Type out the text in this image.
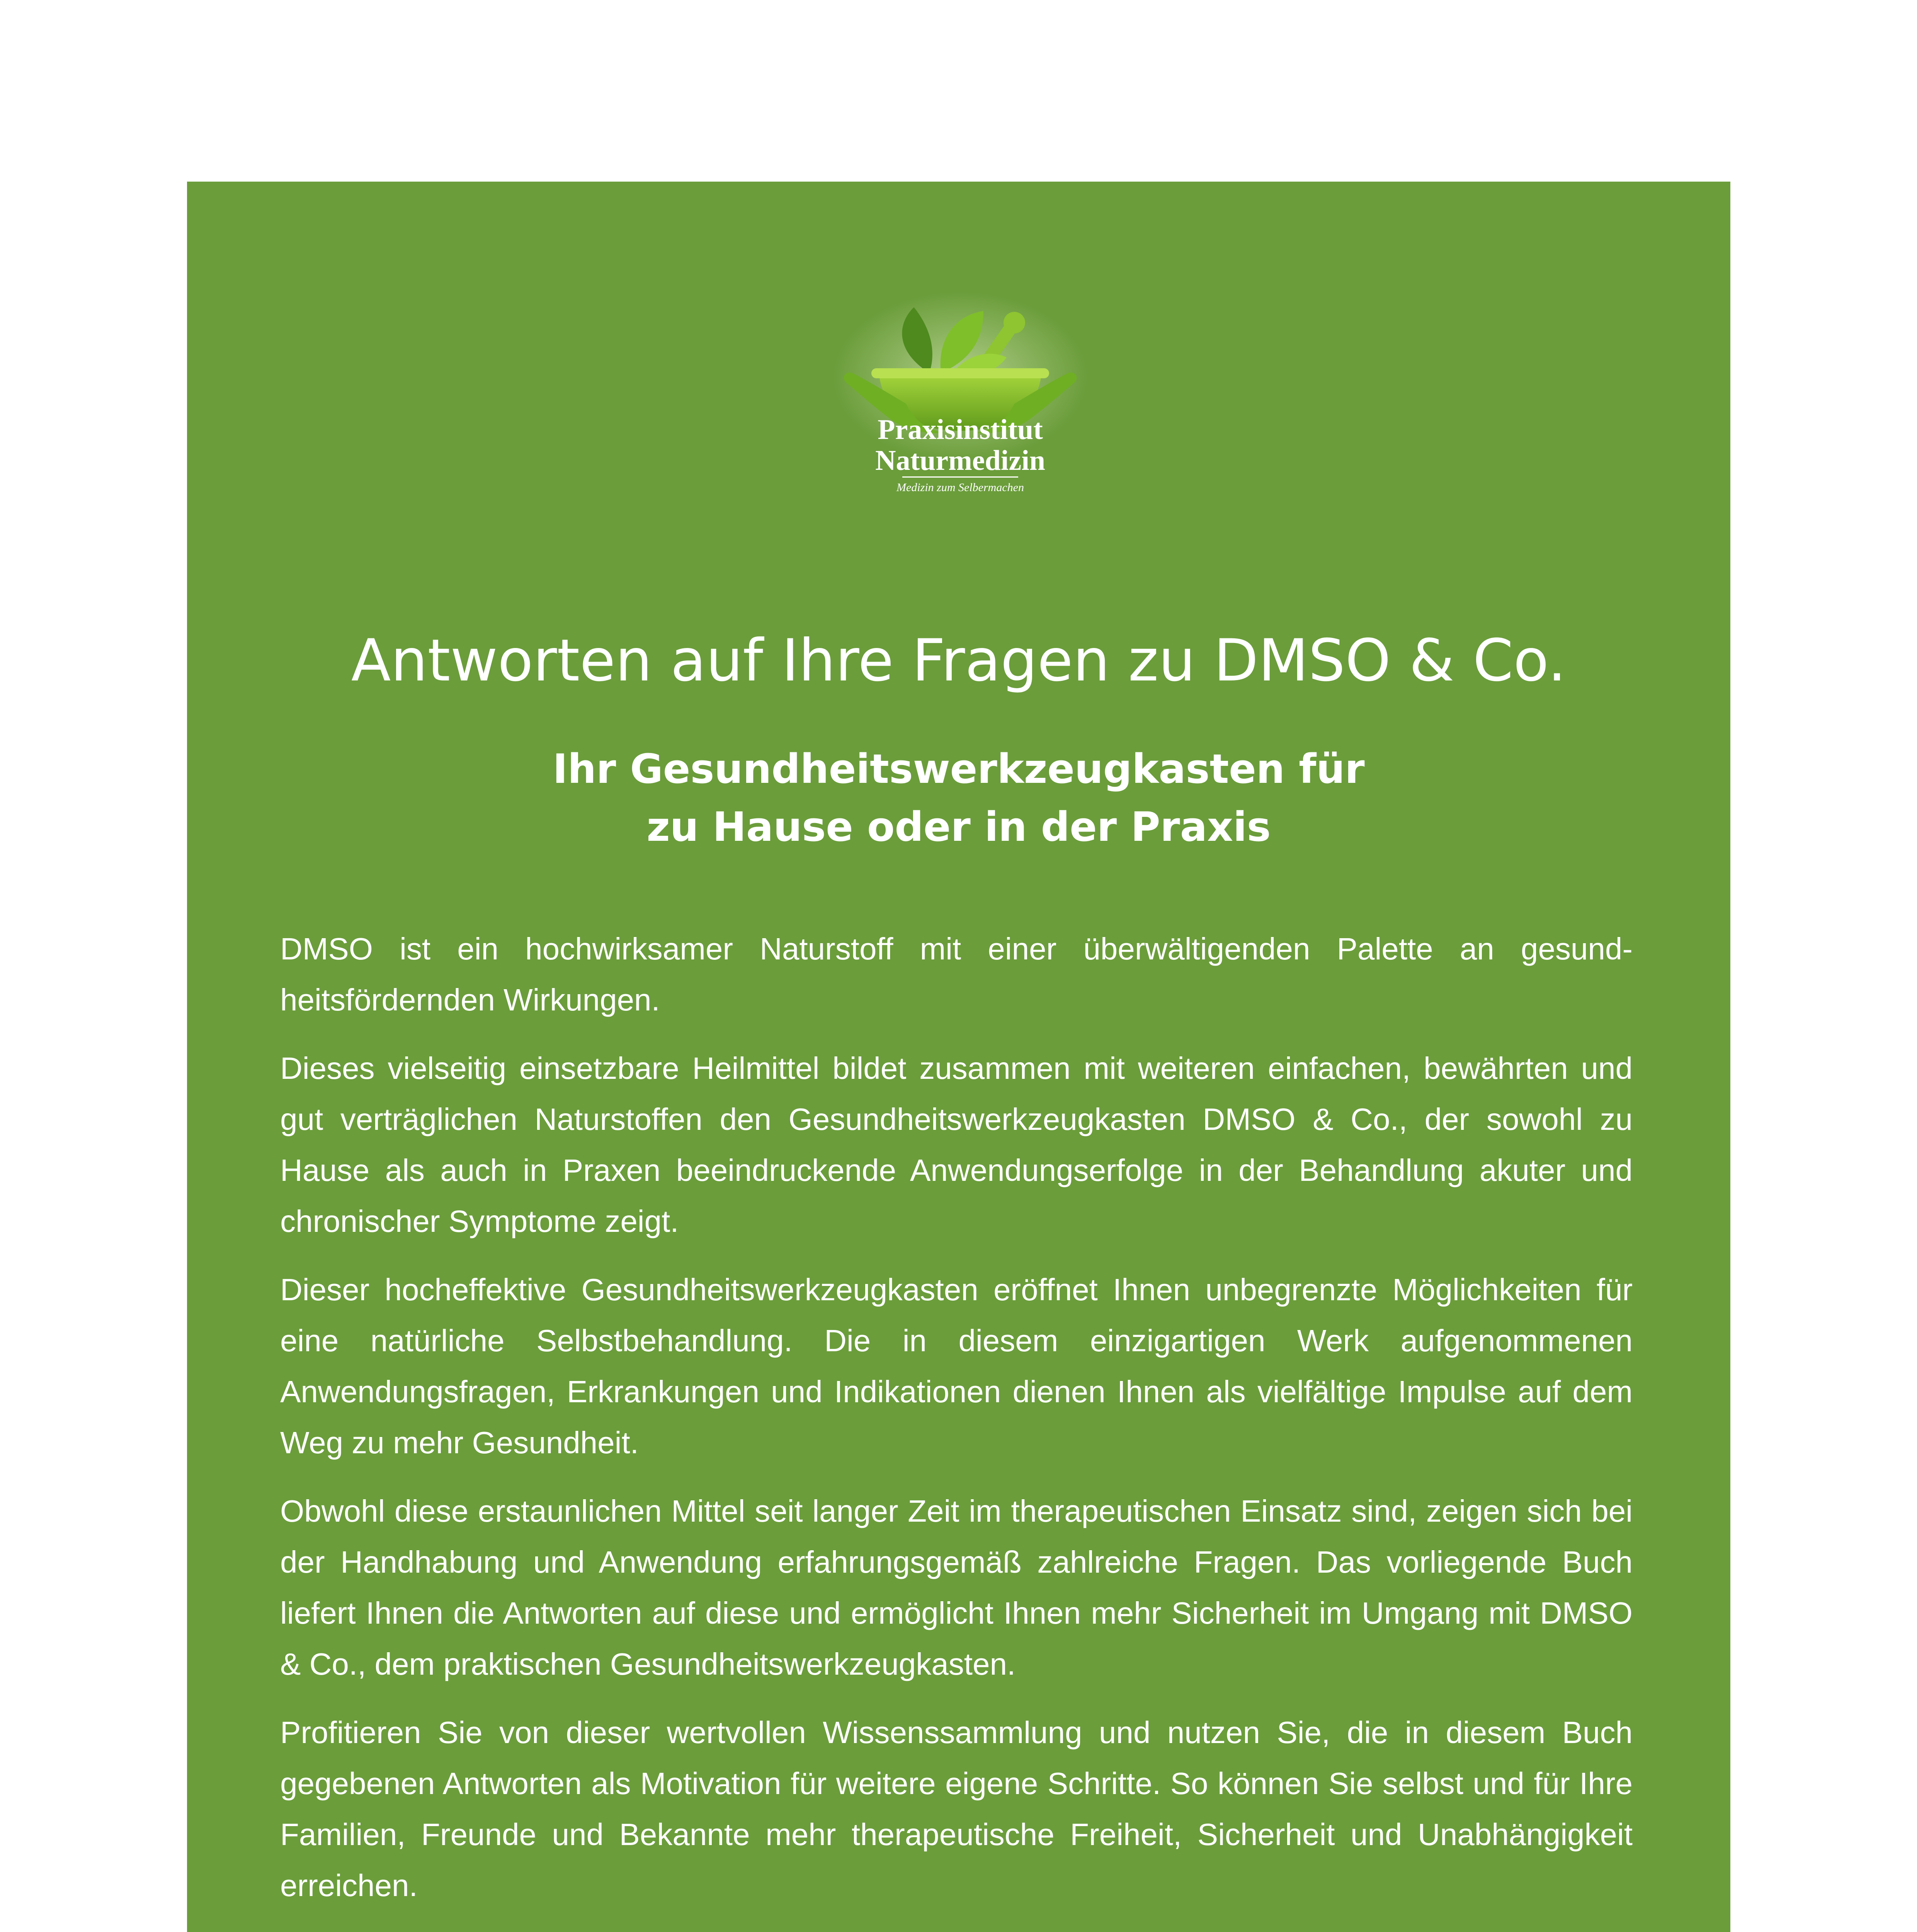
Praxisinstitut
Naturmedizin
Medizin zum Selbermachen
Antworten auf Ihre Fragen zu DMSO & Co.
Ihr Gesundheitswerkzeugkasten für
zu Hause oder in der Praxis

DMSO ist ein hochwirksamer Naturstoff mit einer überwältigenden Palette an gesundheitsfördernden Wirkungen.

Dieses vielseitig einsetzbare Heilmittel bildet zusammen mit weiteren einfachen, bewährten und gut verträglichen Naturstoffen den Gesundheitswerkzeugkasten DMSO & Co., der sowohl zu Hause als auch in Praxen beeindruckende Anwendungserfolge in der Behandlung akuter und chronischer Symptome zeigt.

Dieser hocheffektive Gesundheitswerkzeugkasten eröffnet Ihnen unbegrenzte Möglichkeiten für eine natürliche Selbstbehandlung. Die in diesem einzigartigen Werk aufgenommenen Anwendungsfragen, Erkrankungen und Indikationen dienen Ihnen als vielfältige Impulse auf dem Weg zu mehr Gesundheit.

Obwohl diese erstaunlichen Mittel seit langer Zeit im therapeutischen Einsatz sind, zeigen sich bei der Handhabung und Anwendung erfahrungsgemäß zahlreiche Fragen. Das vorliegende Buch liefert Ihnen die Antworten auf diese und ermöglicht Ihnen mehr Sicherheit im Umgang mit DMSO & Co., dem praktischen Gesundheitswerkzeugkasten.

Profitieren Sie von dieser wertvollen Wissenssammlung und nutzen Sie, die in diesem Buch gegebenen Antworten als Motivation für weitere eigene Schritte. So können Sie selbst und für Ihre Familien, Freunde und Bekannte mehr therapeutische Freiheit, Sicherheit und Unabhängigkeit erreichen.
